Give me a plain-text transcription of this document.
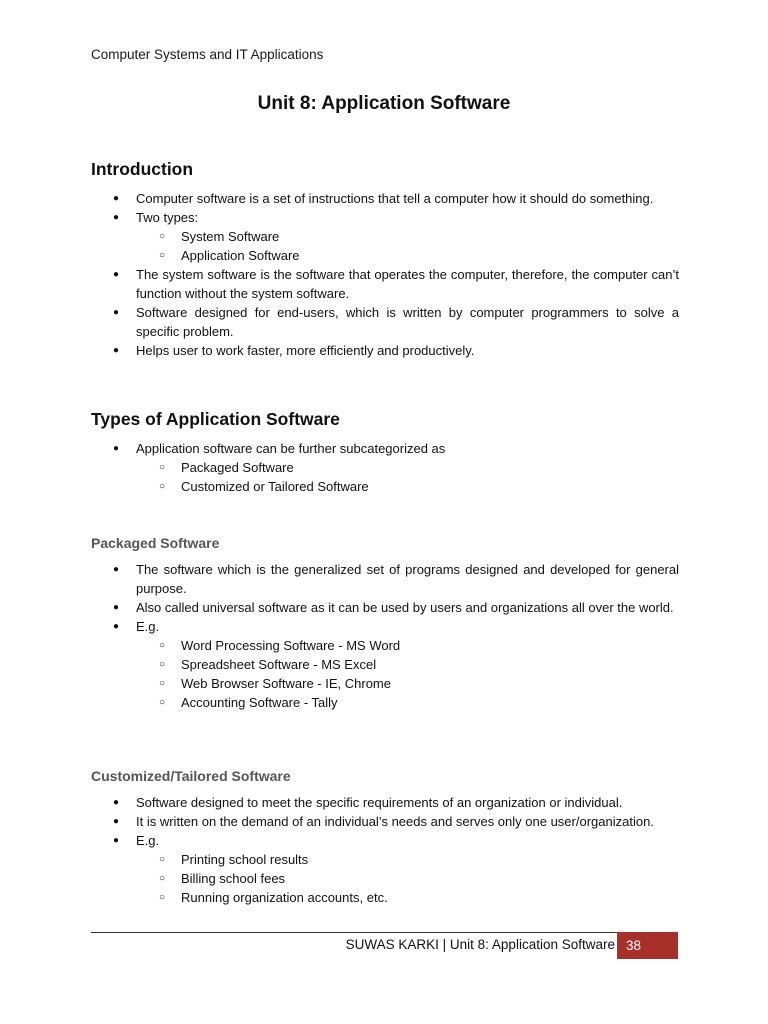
Computer Systems and IT Applications
Unit 8: Application Software
Introduction
● Computer software is a set of instructions that tell a computer how it should do something.
● Two types:
○ System Software
○ Application Software
● The system software is the software that operates the computer, therefore, the computer can’t function without the system software.
● Software designed for end-users, which is written by computer programmers to solve a specific problem.
● Helps user to work faster, more efficiently and productively.
Types of Application Software
● Application software can be further subcategorized as
○ Packaged Software
○ Customized or Tailored Software
Packaged Software
● The software which is the generalized set of programs designed and developed for general purpose.
● Also called universal software as it can be used by users and organizations all over the world.
● E.g.
○ Word Processing Software - MS Word
○ Spreadsheet Software - MS Excel
○ Web Browser Software - IE, Chrome
○ Accounting Software - Tally
Customized/Tailored Software
● Software designed to meet the specific requirements of an organization or individual.
● It is written on the demand of an individual’s needs and serves only one user/organization.
● E.g.
○ Printing school results
○ Billing school fees
○ Running organization accounts, etc.
SUWAS KARKI | Unit 8: Application Software 38
